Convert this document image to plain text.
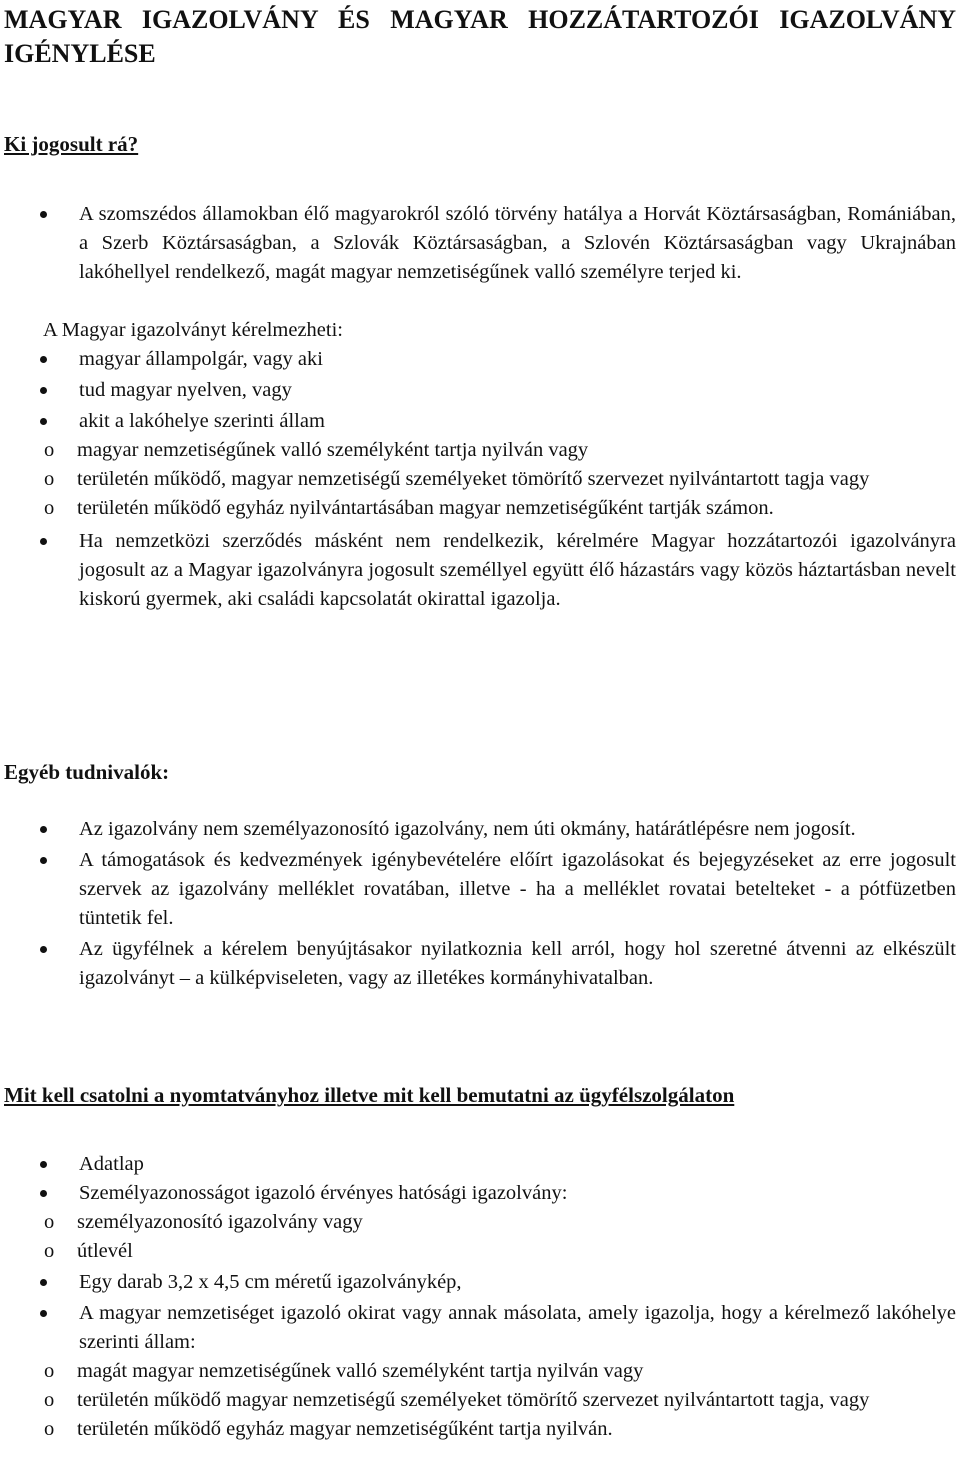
MAGYAR IGAZOLVÁNY ÉS MAGYAR HOZZÁTARTOZÓI IGAZOLVÁNY IGÉNYLÉSE
Ki jogosult rá?
A szomszédos államokban élő magyarokról szóló törvény hatálya a Horvát Köztársaságban, Romániában, a Szerb Köztársaságban, a Szlovák Köztársaságban, a Szlovén Köztársaságban vagy Ukrajnában lakóhellyel rendelkező, magát magyar nemzetiségűnek valló személyre terjed ki.
A Magyar igazolványt kérelmezheti:
magyar állampolgár, vagy aki
tud magyar nyelven, vagy
akit a lakóhelye szerinti állam
o magyar nemzetiségűnek valló személyként tartja nyilván vagy
o területén működő, magyar nemzetiségű személyeket tömörítő szervezet nyilvántartott tagja vagy
o területén működő egyház nyilvántartásában magyar nemzetiségűként tartják számon.
Ha nemzetközi szerződés másként nem rendelkezik, kérelmére Magyar hozzátartozói igazolványra jogosult az a Magyar igazolványra jogosult személlyel együtt élő házastárs vagy közös háztartásban nevelt kiskorú gyermek, aki családi kapcsolatát okirattal igazolja.
Egyéb tudnivalók:
Az igazolvány nem személyazonosító igazolvány, nem úti okmány, határátlépésre nem jogosít.
A támogatások és kedvezmények igénybevételére előírt igazolásokat és bejegyzéseket az erre jogosult szervek az igazolvány melléklet rovatában, illetve - ha a melléklet rovatai betelteket - a pótfüzetben tüntetik fel.
Az ügyfélnek a kérelem benyújtásakor nyilatkoznia kell arról, hogy hol szeretné átvenni az elkészült igazolványt – a külképviseleten, vagy az illetékes kormányhivatalban.
Mit kell csatolni a nyomtatványhoz illetve mit kell bemutatni az ügyfélszolgálaton
Adatlap
Személyazonosságot igazoló érvényes hatósági igazolvány:
o személyazonosító igazolvány vagy
o útlevél
Egy darab 3,2 x 4,5 cm méretű igazolványkép,
A magyar nemzetiséget igazoló okirat vagy annak másolata, amely igazolja, hogy a kérelmező lakóhelye szerinti állam:
o magát magyar nemzetiségűnek valló személyként tartja nyilván vagy
o területén működő magyar nemzetiségű személyeket tömörítő szervezet nyilvántartott tagja, vagy
o területén működő egyház magyar nemzetiségűként tartja nyilván.
